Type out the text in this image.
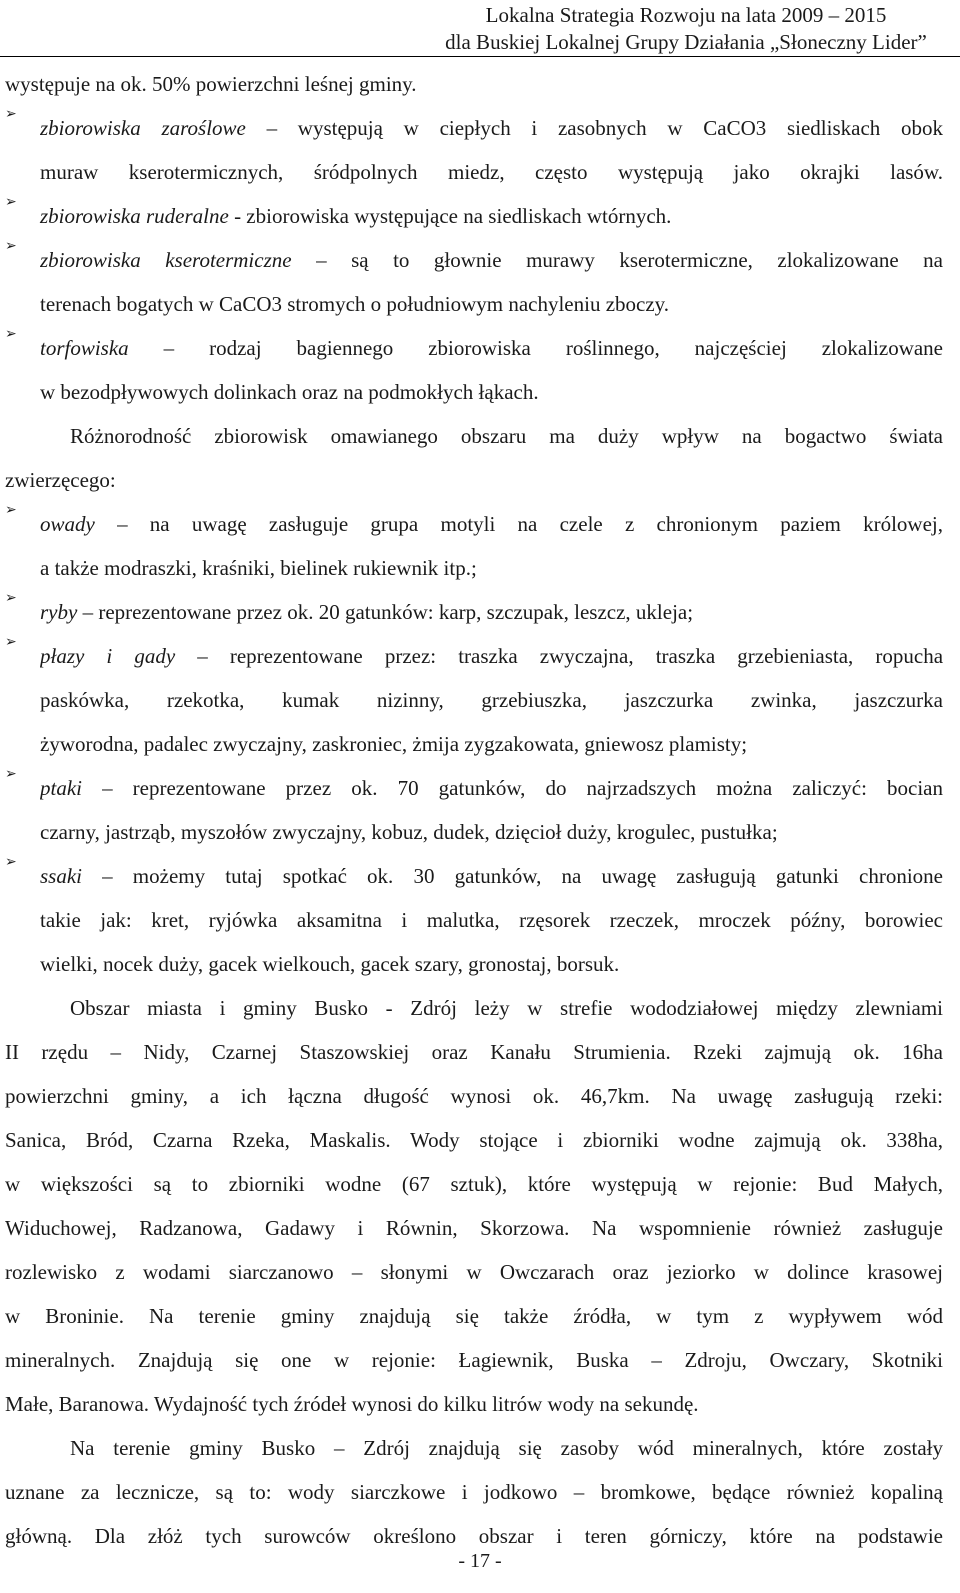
Lokalna Strategia Rozwoju na lata 2009 – 2015
dla Buskiej Lokalnej Grupy Działania „Słoneczny Lider”
występuje na ok. 50% powierzchni leśnej gminy.
➢
zbiorowiska zaroślowe – występują w ciepłych i zasobnych w CaCO3 siedliskach obok
muraw kserotermicznych, śródpolnych miedz, często występują jako okrajki lasów.
➢
zbiorowiska ruderalne - zbiorowiska występujące na siedliskach wtórnych.
➢
zbiorowiska kserotermiczne – są to głownie murawy kserotermiczne, zlokalizowane na
terenach bogatych w CaCO3 stromych o południowym nachyleniu zboczy.
➢
torfowiska – rodzaj bagiennego zbiorowiska roślinnego, najczęściej zlokalizowane
w bezodpływowych dolinkach oraz na podmokłych łąkach.
Różnorodność zbiorowisk omawianego obszaru ma duży wpływ na bogactwo świata
zwierzęcego:
➢
owady – na uwagę zasługuje grupa motyli na czele z chronionym paziem królowej,
a także modraszki, kraśniki, bielinek rukiewnik itp.;
➢
ryby – reprezentowane przez ok. 20 gatunków: karp, szczupak, leszcz, ukleja;
➢
płazy i gady – reprezentowane przez: traszka zwyczajna, traszka grzebieniasta, ropucha
paskówka, rzekotka, kumak nizinny, grzebiuszka, jaszczurka zwinka, jaszczurka
żyworodna, padalec zwyczajny, zaskroniec, żmija zygzakowata, gniewosz plamisty;
➢
ptaki – reprezentowane przez ok. 70 gatunków, do najrzadszych można zaliczyć: bocian
czarny, jastrząb, myszołów zwyczajny, kobuz, dudek, dzięcioł duży, krogulec, pustułka;
➢
ssaki – możemy tutaj spotkać ok. 30 gatunków, na uwagę zasługują gatunki chronione
takie jak: kret, ryjówka aksamitna i malutka, rzęsorek rzeczek, mroczek późny, borowiec
wielki, nocek duży, gacek wielkouch, gacek szary, gronostaj, borsuk.
Obszar miasta i gminy Busko - Zdrój leży w strefie wododziałowej między zlewniami
II rzędu – Nidy, Czarnej Staszowskiej oraz Kanału Strumienia. Rzeki zajmują ok. 16ha
powierzchni gminy, a ich łączna długość wynosi ok. 46,7km. Na uwagę zasługują rzeki:
Sanica, Bród, Czarna Rzeka, Maskalis. Wody stojące i zbiorniki wodne zajmują ok. 338ha,
w większości są to zbiorniki wodne (67 sztuk), które występują w rejonie: Bud Małych,
Widuchowej, Radzanowa, Gadawy i Równin, Skorzowa. Na wspomnienie również zasługuje
rozlewisko z wodami siarczanowo – słonymi w Owczarach oraz jeziorko w dolince krasowej
w Broninie. Na terenie gminy znajdują się także źródła, w tym z wypływem wód
mineralnych. Znajdują się one w rejonie: Łagiewnik, Buska – Zdroju, Owczary, Skotniki
Małe, Baranowa. Wydajność tych źródeł wynosi do kilku litrów wody na sekundę.
Na terenie gminy Busko – Zdrój znajdują się zasoby wód mineralnych, które zostały
uznane za lecznicze, są to: wody siarczkowe i jodkowo – bromkowe, będące również kopaliną
główną. Dla złóż tych surowców określono obszar i teren górniczy, które na podstawie
- 17 -
